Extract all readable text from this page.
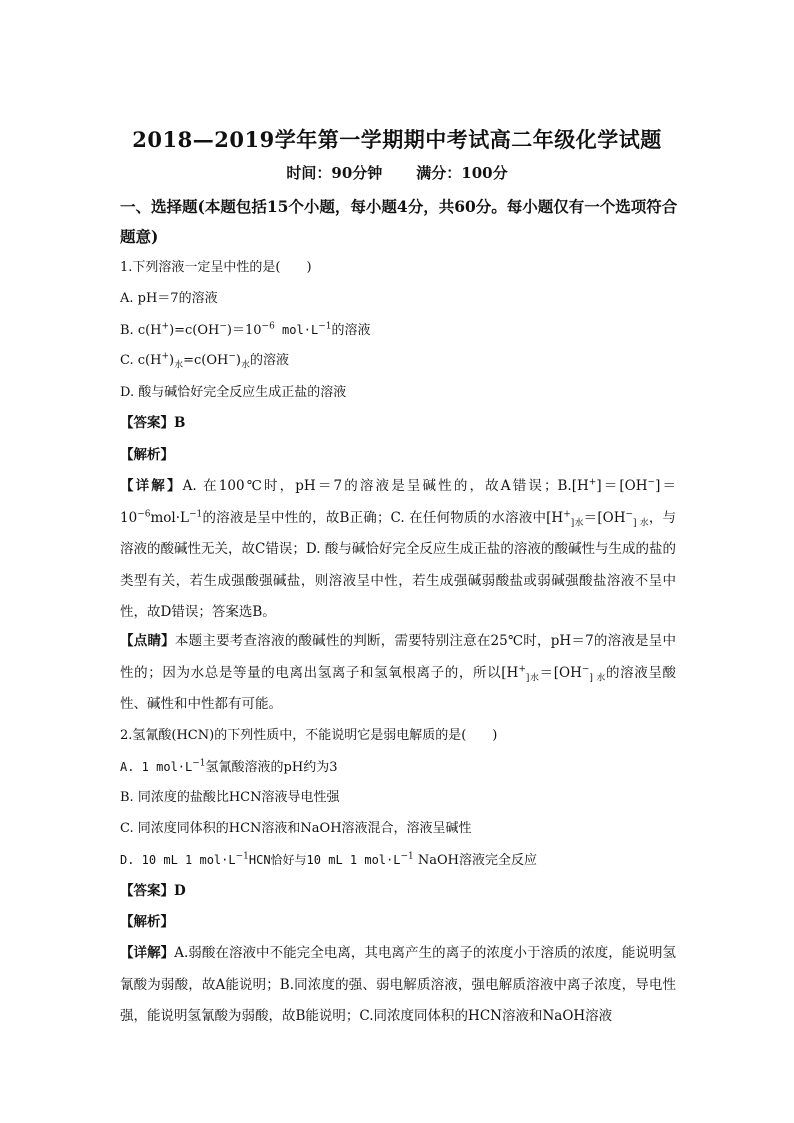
2018—2019学年第一学期期中考试高二年级化学试题
时间：90分钟 满分：100分
一、选择题(本题包括15个小题，每小题4分，共60分。每小题仅有一个选项符合题意)
1.下列溶液一定呈中性的是(　　)
A. pH＝7的溶液
B. $c(H^+)=c(OH^-)=10^{-6}$ $mol\cdot L^{-1}$的溶液
C. $c(H^+)_水=c(OH^-)_水$的溶液
D. 酸与碱恰好完全反应生成正盐的溶液
【答案】B
【解析】
【详解】A. 在100℃时，pH＝7的溶液是呈碱性的，故A错误；$B.[H^+]=[OH^-]=10^{-6}mol\cdot L^{-1}$的溶液是呈中性的，故B正确；C. 在任何物质的水溶液中[$H^+_{]水}=[OH^-_{] 水}$，与溶液的酸碱性无关，故C错误；D. 酸与碱恰好完全反应生成正盐的溶液的酸碱性与生成的盐的类型有关，若生成强酸强碱盐，则溶液呈中性，若生成强碱弱酸盐或弱碱强酸盐溶液不呈中性，故D错误；答案选B。
【点睛】本题主要考查溶液的酸碱性的判断，需要特别注意在25℃时，pH＝7的溶液是呈中性的；因为水总是等量的电离出氢离子和氢氧根离子的，所以[$H^+_{]水}=[OH^-_{] 水}$的溶液呈酸性、碱性和中性都有可能。
2.氢氰酸(HCN)的下列性质中，不能说明它是弱电解质的是(　　)
A. 1 $mol\cdot L^{-1}$氢氰酸溶液的pH约为3
B. 同浓度的盐酸比HCN溶液导电性强
C. 同浓度同体积的HCN溶液和NaOH溶液混合，溶液呈碱性
D. 10 mL 1 $mol\cdot L^{-1}HCN$恰好与10 mL 1 $mol\cdot L^{-1}$ NaOH溶液完全反应
【答案】D
【解析】
【详解】A.弱酸在溶液中不能完全电离，其电离产生的离子的浓度小于溶质的浓度，能说明氢氰酸为弱酸，故A能说明；B.同浓度的强、弱电解质溶液，强电解质溶液中离子浓度，导电性强，能说明氢氰酸为弱酸，故B能说明；C.同浓度同体积的HCN溶液和NaOH溶液
